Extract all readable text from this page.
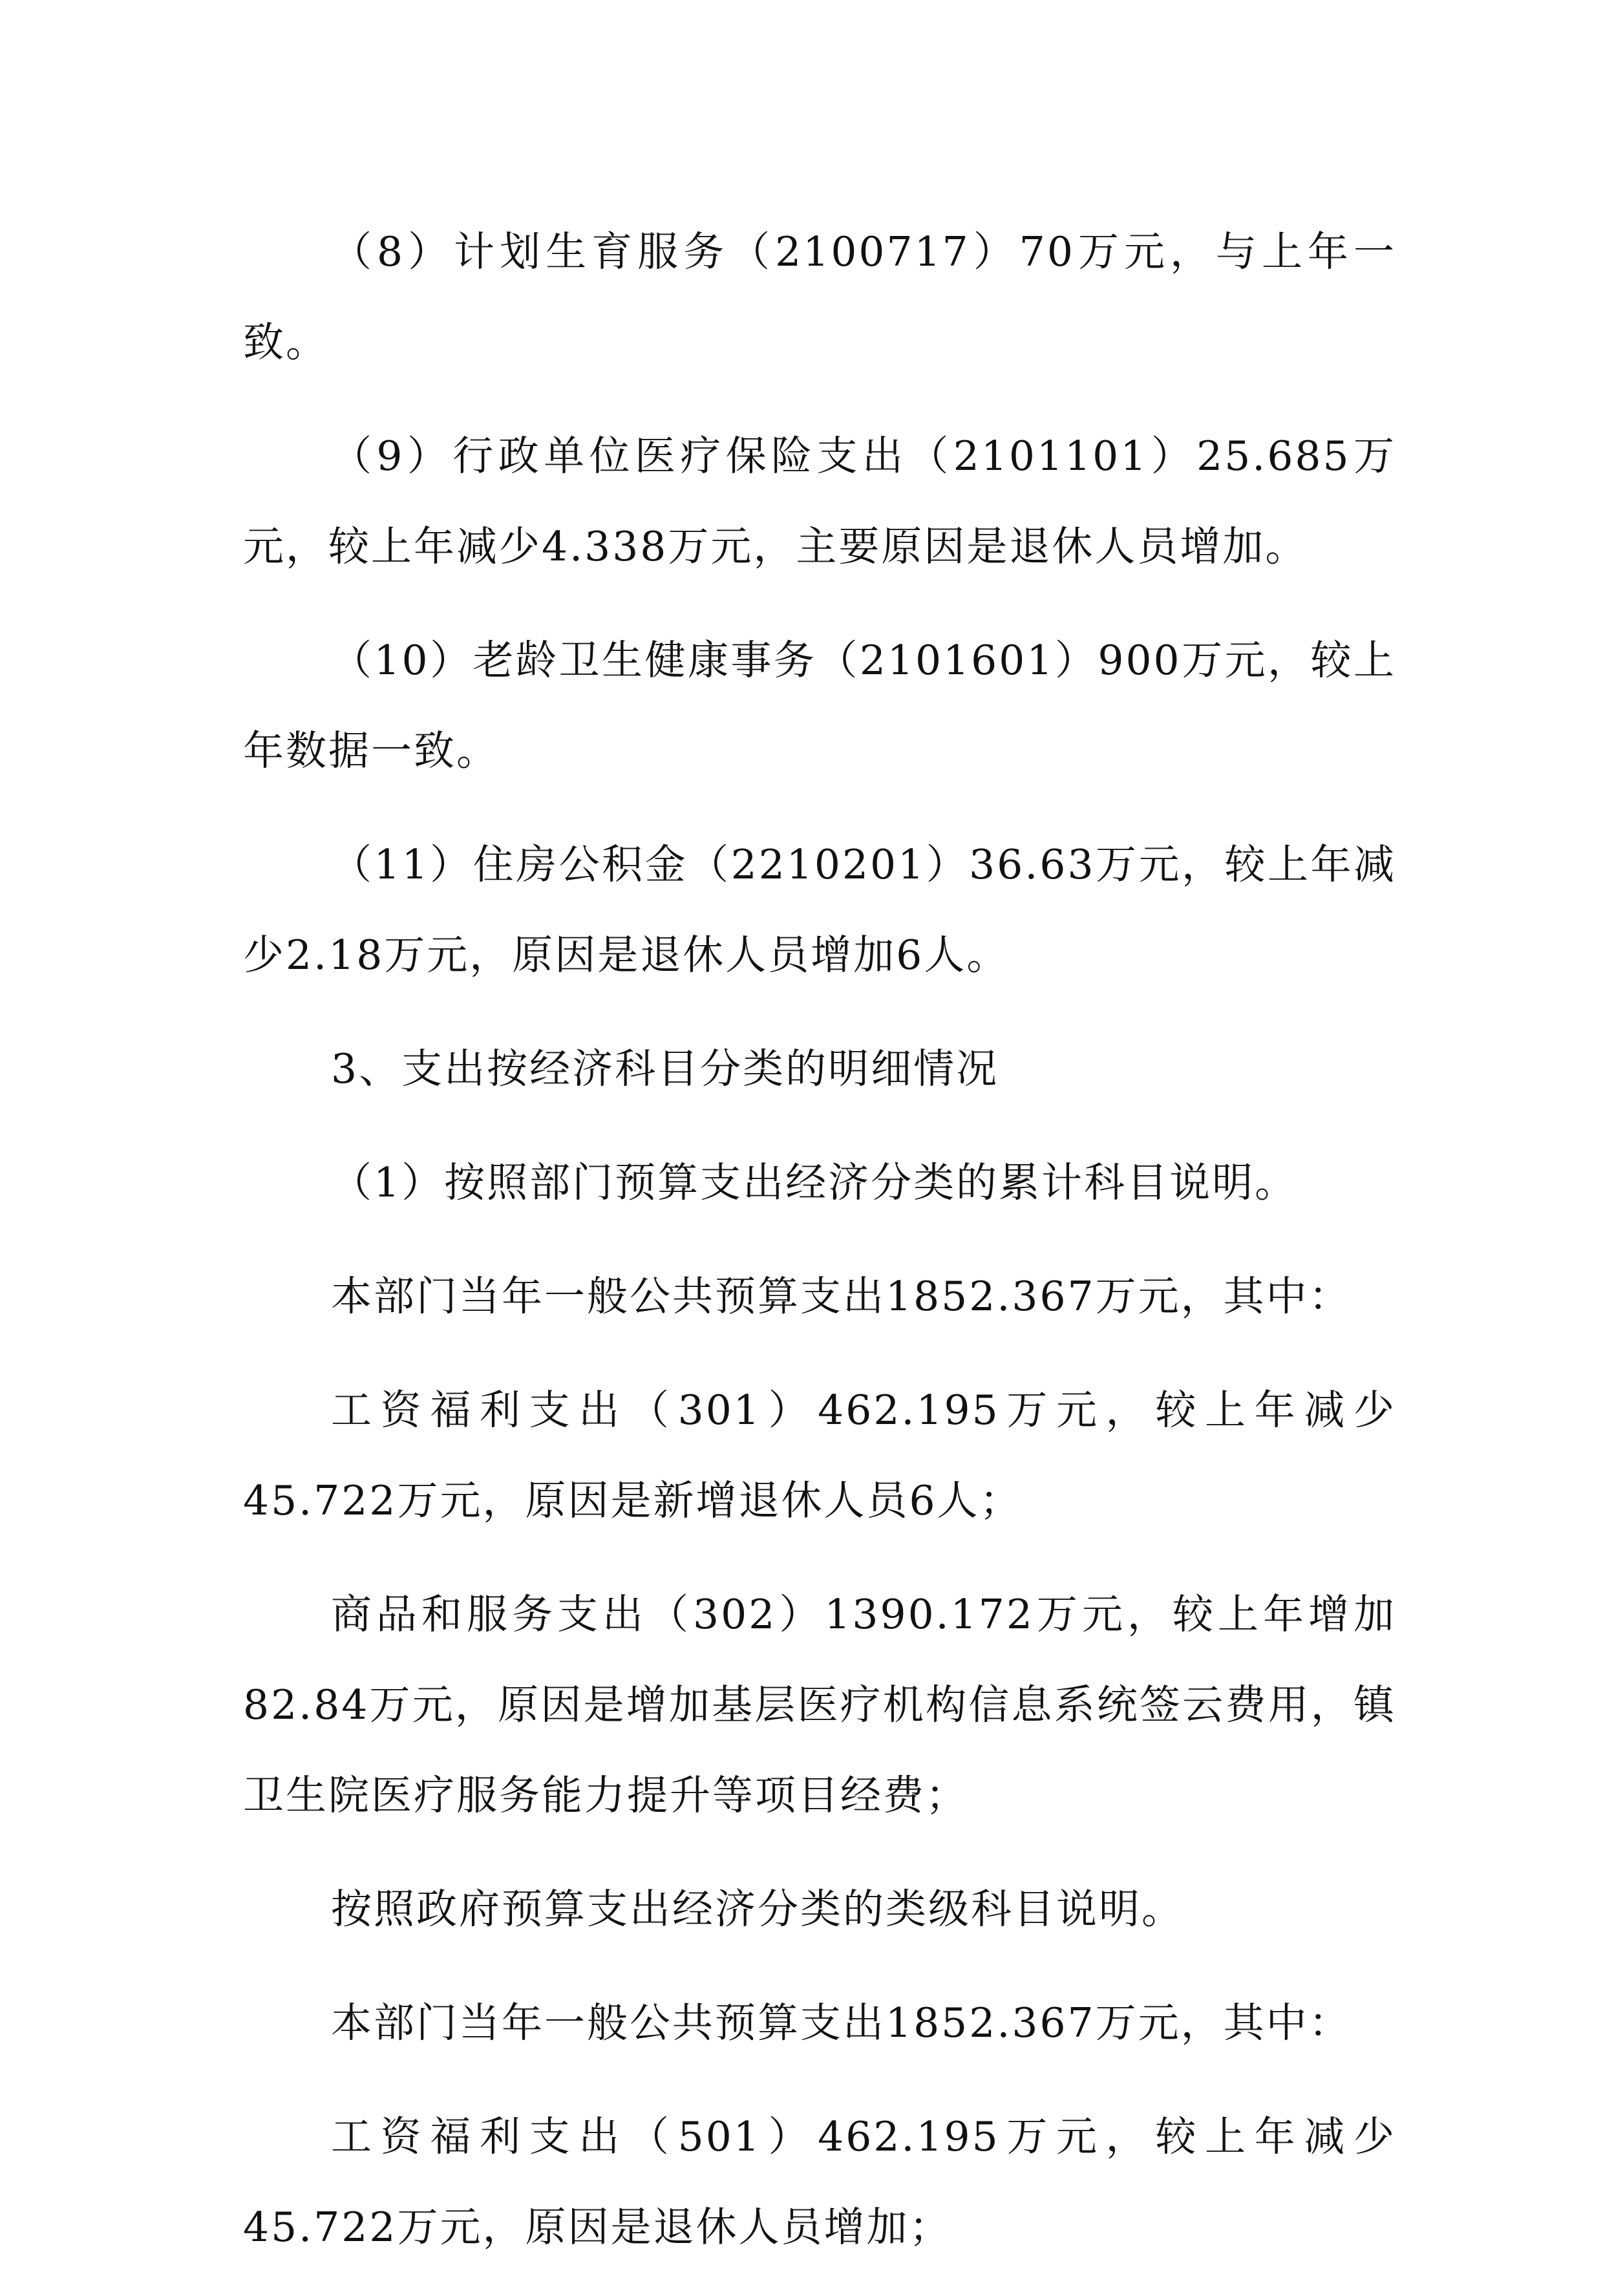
（8）计划生育服务（2100717）70万元，与上年一致。

（9）行政单位医疗保险支出（2101101）25.685万元，较上年减少4.338万元，主要原因是退休人员增加。

（10）老龄卫生健康事务（2101601）900万元，较上年数据一致。

（11）住房公积金（2210201）36.63万元，较上年减少2.18万元，原因是退休人员增加6人。

3、支出按经济科目分类的明细情况

（1）按照部门预算支出经济分类的累计科目说明。

本部门当年一般公共预算支出1852.367万元，其中：

工资福利支出（301）462.195万元，较上年减少45.722万元，原因是新增退休人员6人；

商品和服务支出（302）1390.172万元，较上年增加82.84万元，原因是增加基层医疗机构信息系统签云费用，镇卫生院医疗服务能力提升等项目经费；

按照政府预算支出经济分类的类级科目说明。

本部门当年一般公共预算支出1852.367万元，其中：

工资福利支出（501）462.195万元，较上年减少45.722万元，原因是退休人员增加；
